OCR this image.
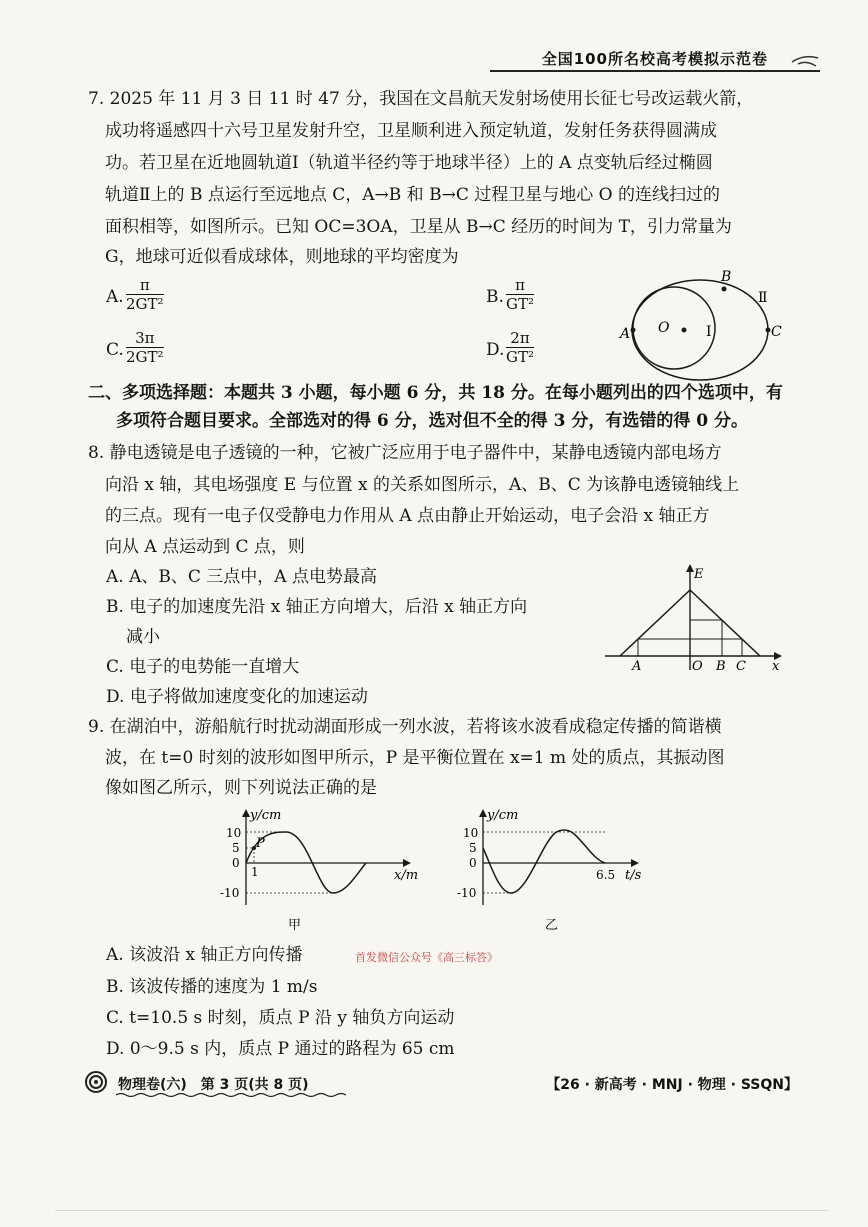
全国100所名校高考模拟示范卷
7. 2025 年 11 月 3 日 11 时 47 分，我国在文昌航天发射场使用长征七号改运载火箭，
成功将遥感四十六号卫星发射升空，卫星顺利进入预定轨道，发射任务获得圆满成
功。若卫星在近地圆轨道Ⅰ（轨道半径约等于地球半径）上的 A 点变轨后经过椭圆
轨道Ⅱ上的 B 点运行至远地点 C，A→B 和 B→C 过程卫星与地心 O 的连线扫过的
面积相等，如图所示。已知 OC=3OA，卫星从 B→C 经历的时间为 T，引力常量为
G，地球可近似看成球体，则地球的平均密度为
A. $\frac{\pi}{\text{2GT²}}$	B. $\frac{\pi}{\text{GT²}}$
C. $\frac{3\pi}{\text{2GT²}}$	D. $\frac{2\pi}{\text{GT²}}$	A
B
C
O	Ⅰ
Ⅱ
二、多项选择题：本题共 3 小题，每小题 6 分，共 18 分。在每小题列出的四个选项中，有
多项符合题目要求。全部选对的得 6 分，选对但不全的得 3 分，有选错的得 0 分。
8. 静电透镜是电子透镜的一种，它被广泛应用于电子器件中，某静电透镜内部电场方
向沿 x 轴，其电场强度 E 与位置 x 的关系如图所示，A、B、C 为该静电透镜轴线上
的三点。现有一电子仅受静电力作用从 A 点由静止开始运动，电子会沿 x 轴正方
向从 A 点运动到 C 点，则
A. A、B、C 三点中，A 点电势最高
B. 电子的加速度先沿 x 轴正方向增大，后沿 x 轴正方向
减小
C. 电子的电势能一直增大
D. 电子将做加速度变化的加速运动
E
x
A	O B C
9. 在湖泊中，游船航行时扰动湖面形成一列水波，若将该水波看成稳定传播的简谐横
波，在 t=0 时刻的波形如图甲所示，P 是平衡位置在 x=1 m 处的质点，其振动图
像如图乙所示，则下列说法正确的是
y/cm
x/m
10
5
0
-10
1
P
甲
y/cm
t/s
10
5
0
-10
6.5
乙
A. 该波沿 x 轴正方向传播	首发微信公众号《高三标答》
B. 该波传播的速度为 1 m/s
C. t=10.5 s 时刻，质点 P 沿 y 轴负方向运动
D. 0～9.5 s 内，质点 P 通过的路程为 65 cm
物理卷(六)　第 3 页(共 8 页)	【26 · 新高考 · MNJ · 物理 · SSQN】
